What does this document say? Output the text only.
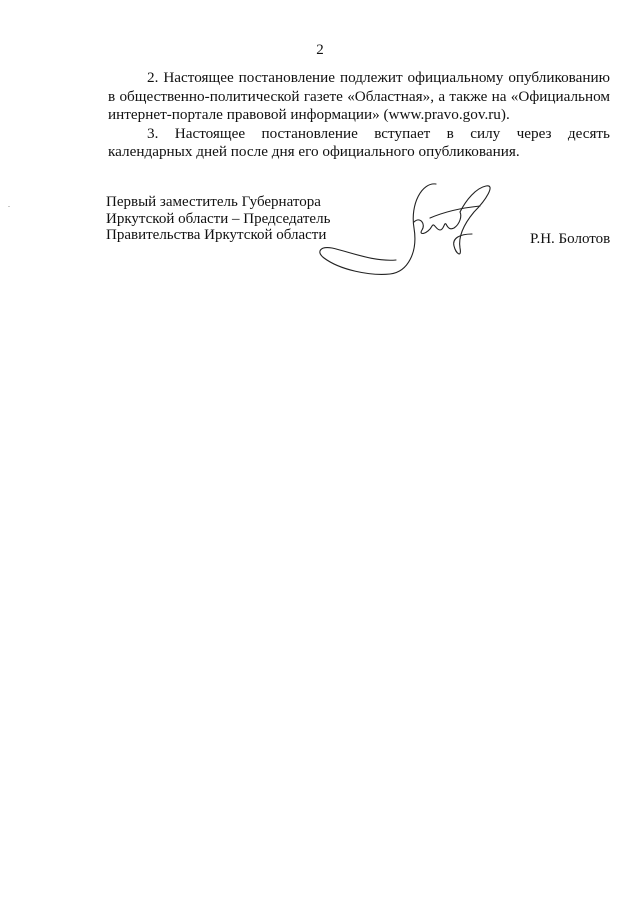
2

2. Настоящее постановление подлежит официальному опубликованию в общественно-политической газете «Областная», а также на «Официальном интернет-портале правовой информации» (www.pravo.gov.ru).

3. Настоящее постановление вступает в силу через десять календарных дней после дня его официального опубликования.

Первый заместитель Губернатора
Иркутской области – Председатель
Правительства Иркутской области	Р.Н. Болотов
